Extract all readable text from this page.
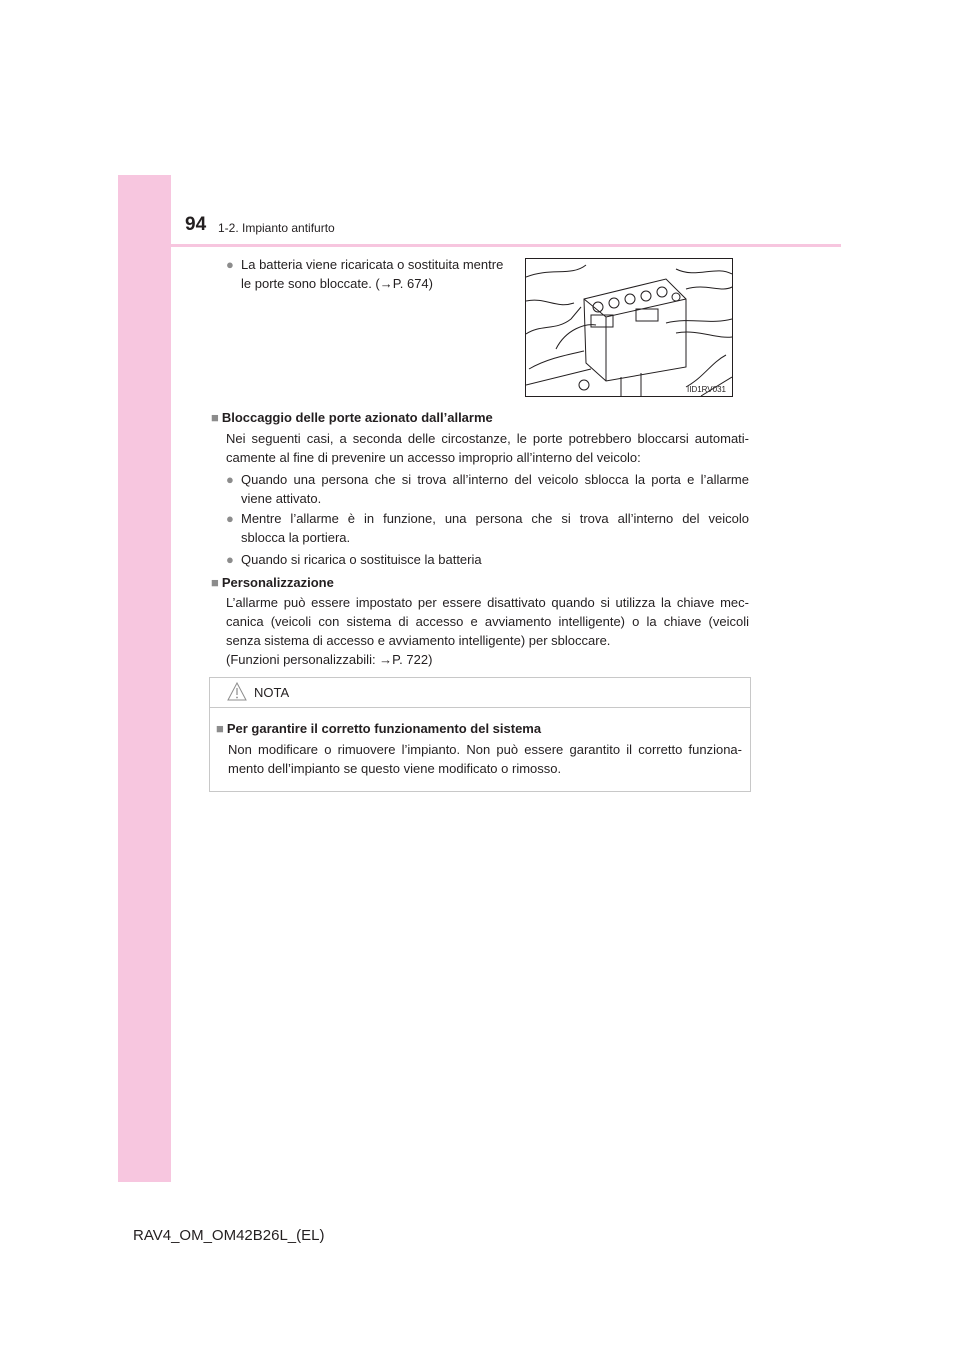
94 1-2. Impianto antifurto
● La batteria viene ricaricata o sostituita mentre
le porte sono bloccate. (→P. 674)
IID1RV031
■ Bloccaggio delle porte azionato dall’allarme
Nei seguenti casi, a seconda delle circostanze, le porte potrebbero bloccarsi automati-
camente al fine di prevenire un accesso improprio all’interno del veicolo:
● Quando una persona che si trova all’interno del veicolo sblocca la porta e l’allarme
viene attivato.
● Mentre l’allarme è in funzione, una persona che si trova all’interno del veicolo
sblocca la portiera.
● Quando si ricarica o sostituisce la batteria
■ Personalizzazione
L’allarme può essere impostato per essere disattivato quando si utilizza la chiave mec-
canica (veicoli con sistema di accesso e avviamento intelligente) o la chiave (veicoli
senza sistema di accesso e avviamento intelligente) per sbloccare.
(Funzioni personalizzabili: →P. 722)
NOTA
■ Per garantire il corretto funzionamento del sistema
Non modificare o rimuovere l’impianto. Non può essere garantito il corretto funziona-
mento dell’impianto se questo viene modificato o rimosso.
RAV4_OM_OM42B26L_(EL)
